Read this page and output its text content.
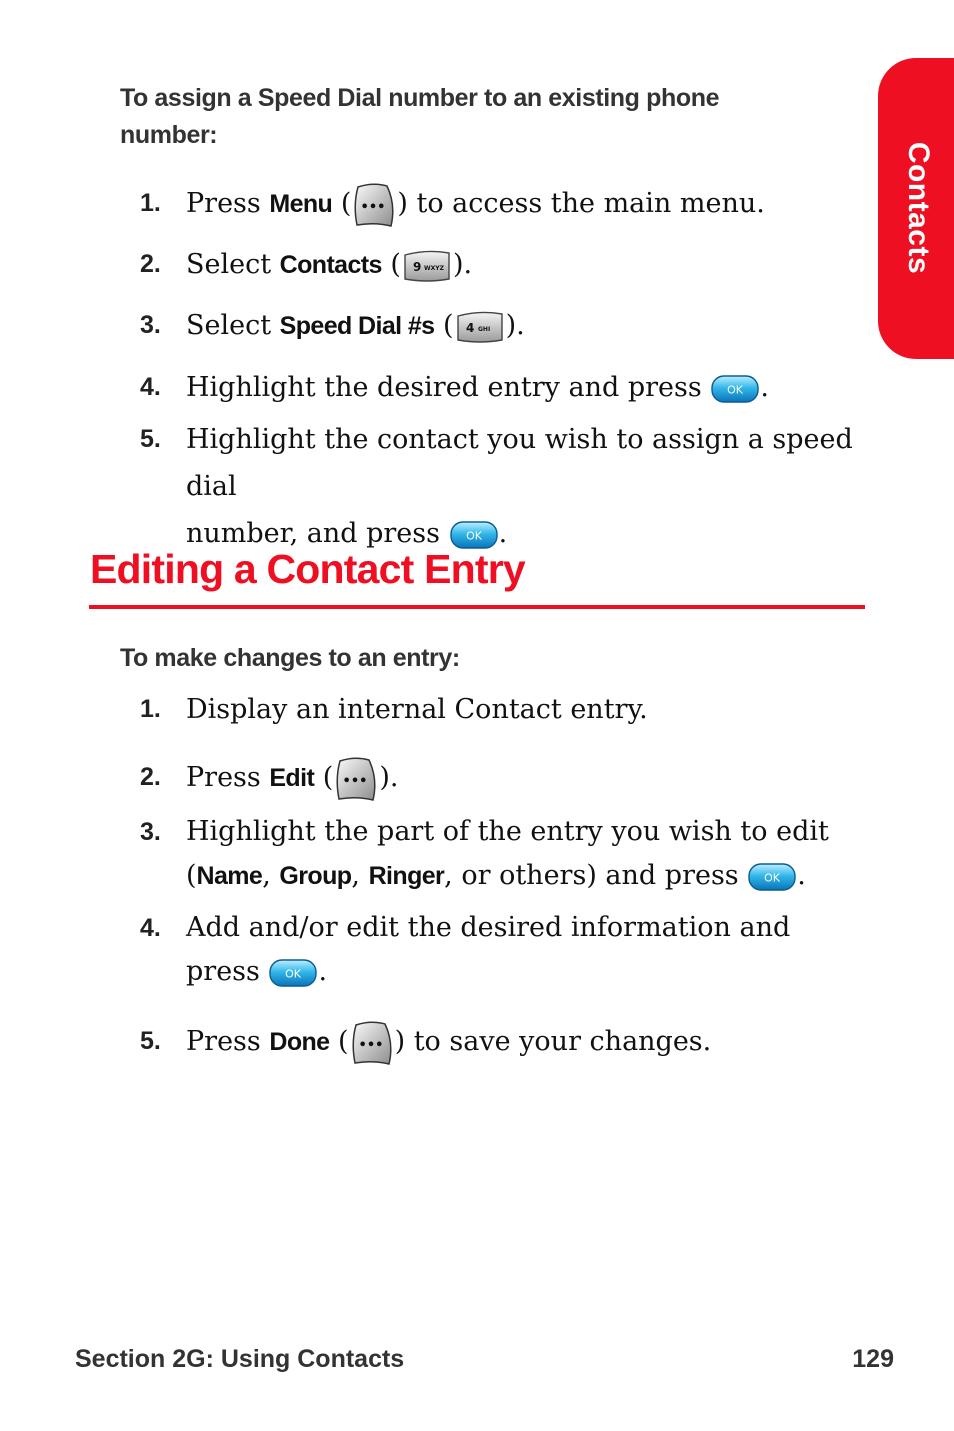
Contacts
To assign a Speed Dial number to an existing phone
number:
1. Press Menu ( ••• ) to access the main menu.
2. Select Contacts ( 9 WXYZ ).
3. Select Speed Dial #s ( 4 GHI ).
4. Highlight the desired entry and press OK .
5. Highlight the contact you wish to assign a speed dial
number, and press OK .
Editing a Contact Entry
To make changes to an entry:
1. Display an internal Contact entry.
2. Press Edit ( ••• ).
3. Highlight the part of the entry you wish to edit
(Name, Group, Ringer, or others) and press OK .
4. Add and/or edit the desired information and
press OK .
5. Press Done ( ••• ) to save your changes.
Section 2G: Using Contacts	129
